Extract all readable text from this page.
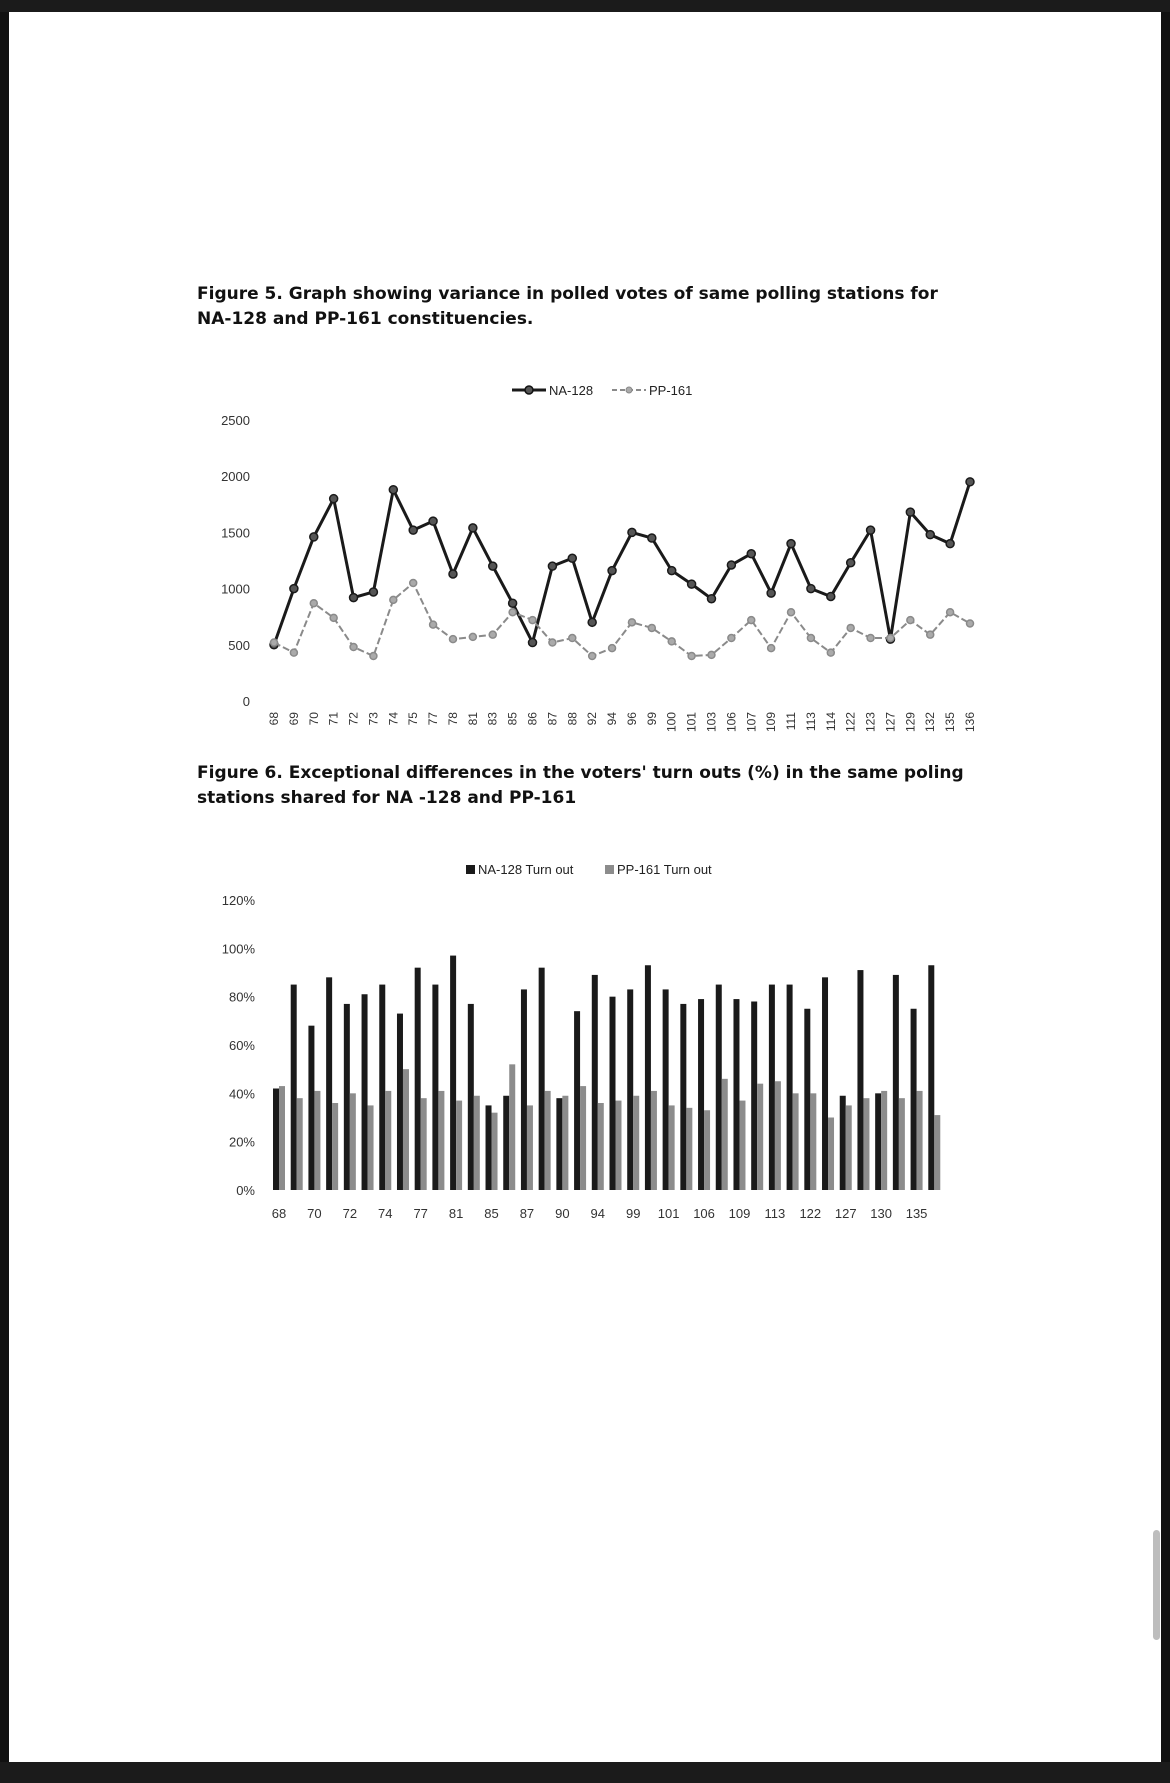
Figure 5. Graph showing variance in polled votes of same polling stations for NA-128 and PP-161 constituencies.
Figure 6. Exceptional differences in the voters' turn outs (%) in the same poling stations shared for NA -128 and PP-161
0
500
1000
1500
2000
2500
68 69 70 71 72 73 74 75 77 78 81 83 85 86 87 88 92 94 96 99 100 101 103 106 107 109 111 113 114 122 123 127 129 132 135 136
NA-128	PP-161
0%
20%
40%
60%
80%
100%
120%
68 70 72 74 77 81 85 87 90 94 99 101 106 109 113 122 127 130 135
NA-128 Turn out	PP-161 Turn out
